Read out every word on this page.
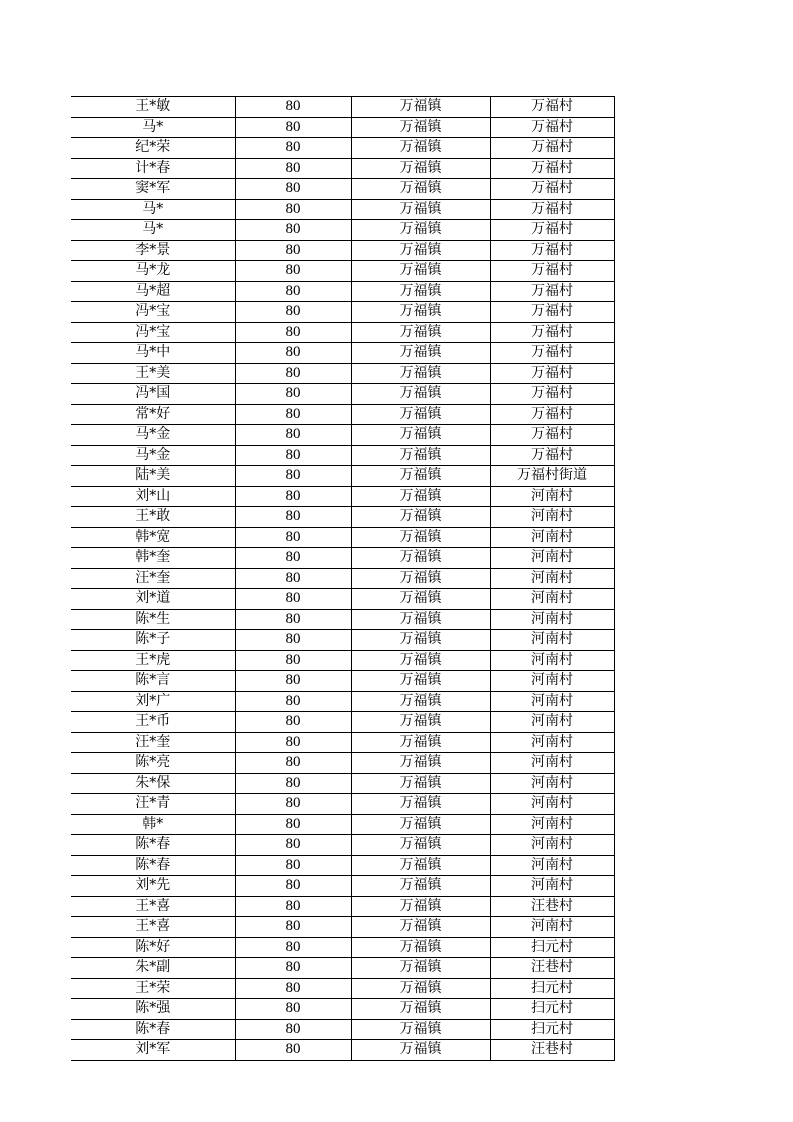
王*敏	80	万福镇	万福村
马*	80	万福镇	万福村
纪*荣	80	万福镇	万福村
计*春	80	万福镇	万福村
窦*军	80	万福镇	万福村
马*	80	万福镇	万福村
马*	80	万福镇	万福村
李*景	80	万福镇	万福村
马*龙	80	万福镇	万福村
马*超	80	万福镇	万福村
冯*宝	80	万福镇	万福村
冯*宝	80	万福镇	万福村
马*中	80	万福镇	万福村
王*美	80	万福镇	万福村
冯*国	80	万福镇	万福村
常*好	80	万福镇	万福村
马*金	80	万福镇	万福村
马*金	80	万福镇	万福村
陆*美	80	万福镇	万福村街道
刘*山	80	万福镇	河南村
王*敢	80	万福镇	河南村
韩*宽	80	万福镇	河南村
韩*奎	80	万福镇	河南村
汪*奎	80	万福镇	河南村
刘*道	80	万福镇	河南村
陈*生	80	万福镇	河南村
陈*子	80	万福镇	河南村
王*虎	80	万福镇	河南村
陈*言	80	万福镇	河南村
刘*广	80	万福镇	河南村
王*币	80	万福镇	河南村
汪*奎	80	万福镇	河南村
陈*亮	80	万福镇	河南村
朱*保	80	万福镇	河南村
汪*青	80	万福镇	河南村
韩*	80	万福镇	河南村
陈*春	80	万福镇	河南村
陈*春	80	万福镇	河南村
刘*先	80	万福镇	河南村
王*喜	80	万福镇	汪巷村
王*喜	80	万福镇	河南村
陈*好	80	万福镇	扫元村
朱*副	80	万福镇	汪巷村
王*荣	80	万福镇	扫元村
陈*强	80	万福镇	扫元村
陈*春	80	万福镇	扫元村
刘*军	80	万福镇	汪巷村
